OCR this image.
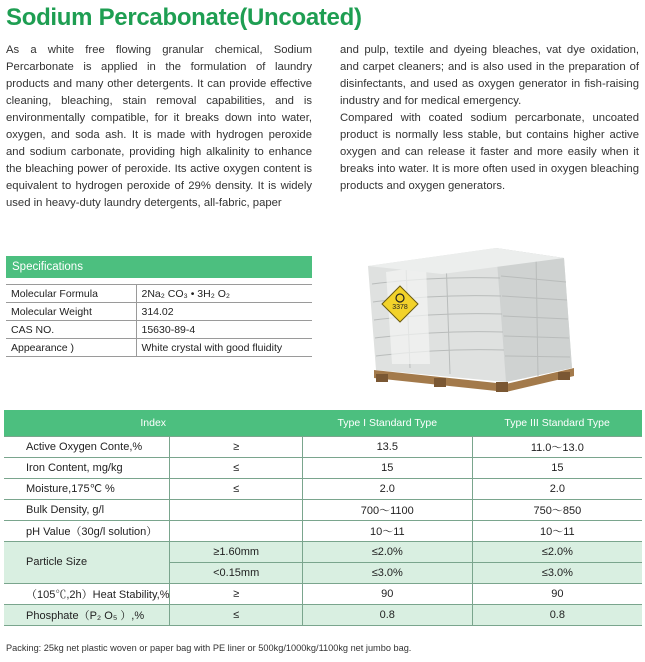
Sodium Percabonate(Uncoated)

As a white free flowing granular chemical, Sodium Percarbonate is applied in the formulation of laundry products and many other detergents. It can provide effective cleaning, bleaching, stain removal capabilities, and is environmentally compatible, for it breaks down into water, oxygen, and soda ash. It is made with hydrogen peroxide and sodium carbonate, providing high alkalinity to enhance the bleaching power of peroxide. Its active oxygen content is equivalent to hydrogen peroxide of 29% density. It is widely used in heavy-duty laundry detergents, all-fabric, paper

and pulp, textile and dyeing bleaches, vat dye oxidation, and carpet cleaners; and is also used in the preparation of disinfectants, and used as oxygen generator in fish-raising industry and for medical emergency.

Compared with coated sodium percarbonate, uncoated product is normally less stable, but contains higher active oxygen and can release it faster and more easily when it breaks into water. It is more often used in oxygen bleaching products and oxygen generators.

Specifications
Molecular Formula	2Na₂ CO₃ • 3H₂ O₂
Molecular Weight	314.02
CAS NO.	15630-89-4
Appearance )	White crystal with good fluidity
3378
Index		Type I Standard Type	Type III Standard Type
Active Oxygen Conte,%	≥	13.5	11.0～13.0
Iron Content, mg/kg	≤	15	15
Moisture,175℃ %	≤	2.0	2.0
Bulk Density, g/l		700～1100	750～850
pH Value（30g/l solution）		10～11	10～11
Particle Size	≥1.60mm	≤2.0%	≤2.0%
	<0.15mm	≤3.0%	≤3.0%
（105℃,2h）Heat Stability,%	≥	90	90
Phosphate（P₂ O₅ ）,%	≤	0.8	0.8
Packing: 25kg net plastic woven or paper bag with PE liner or 500kg/1000kg/1100kg net jumbo bag.
